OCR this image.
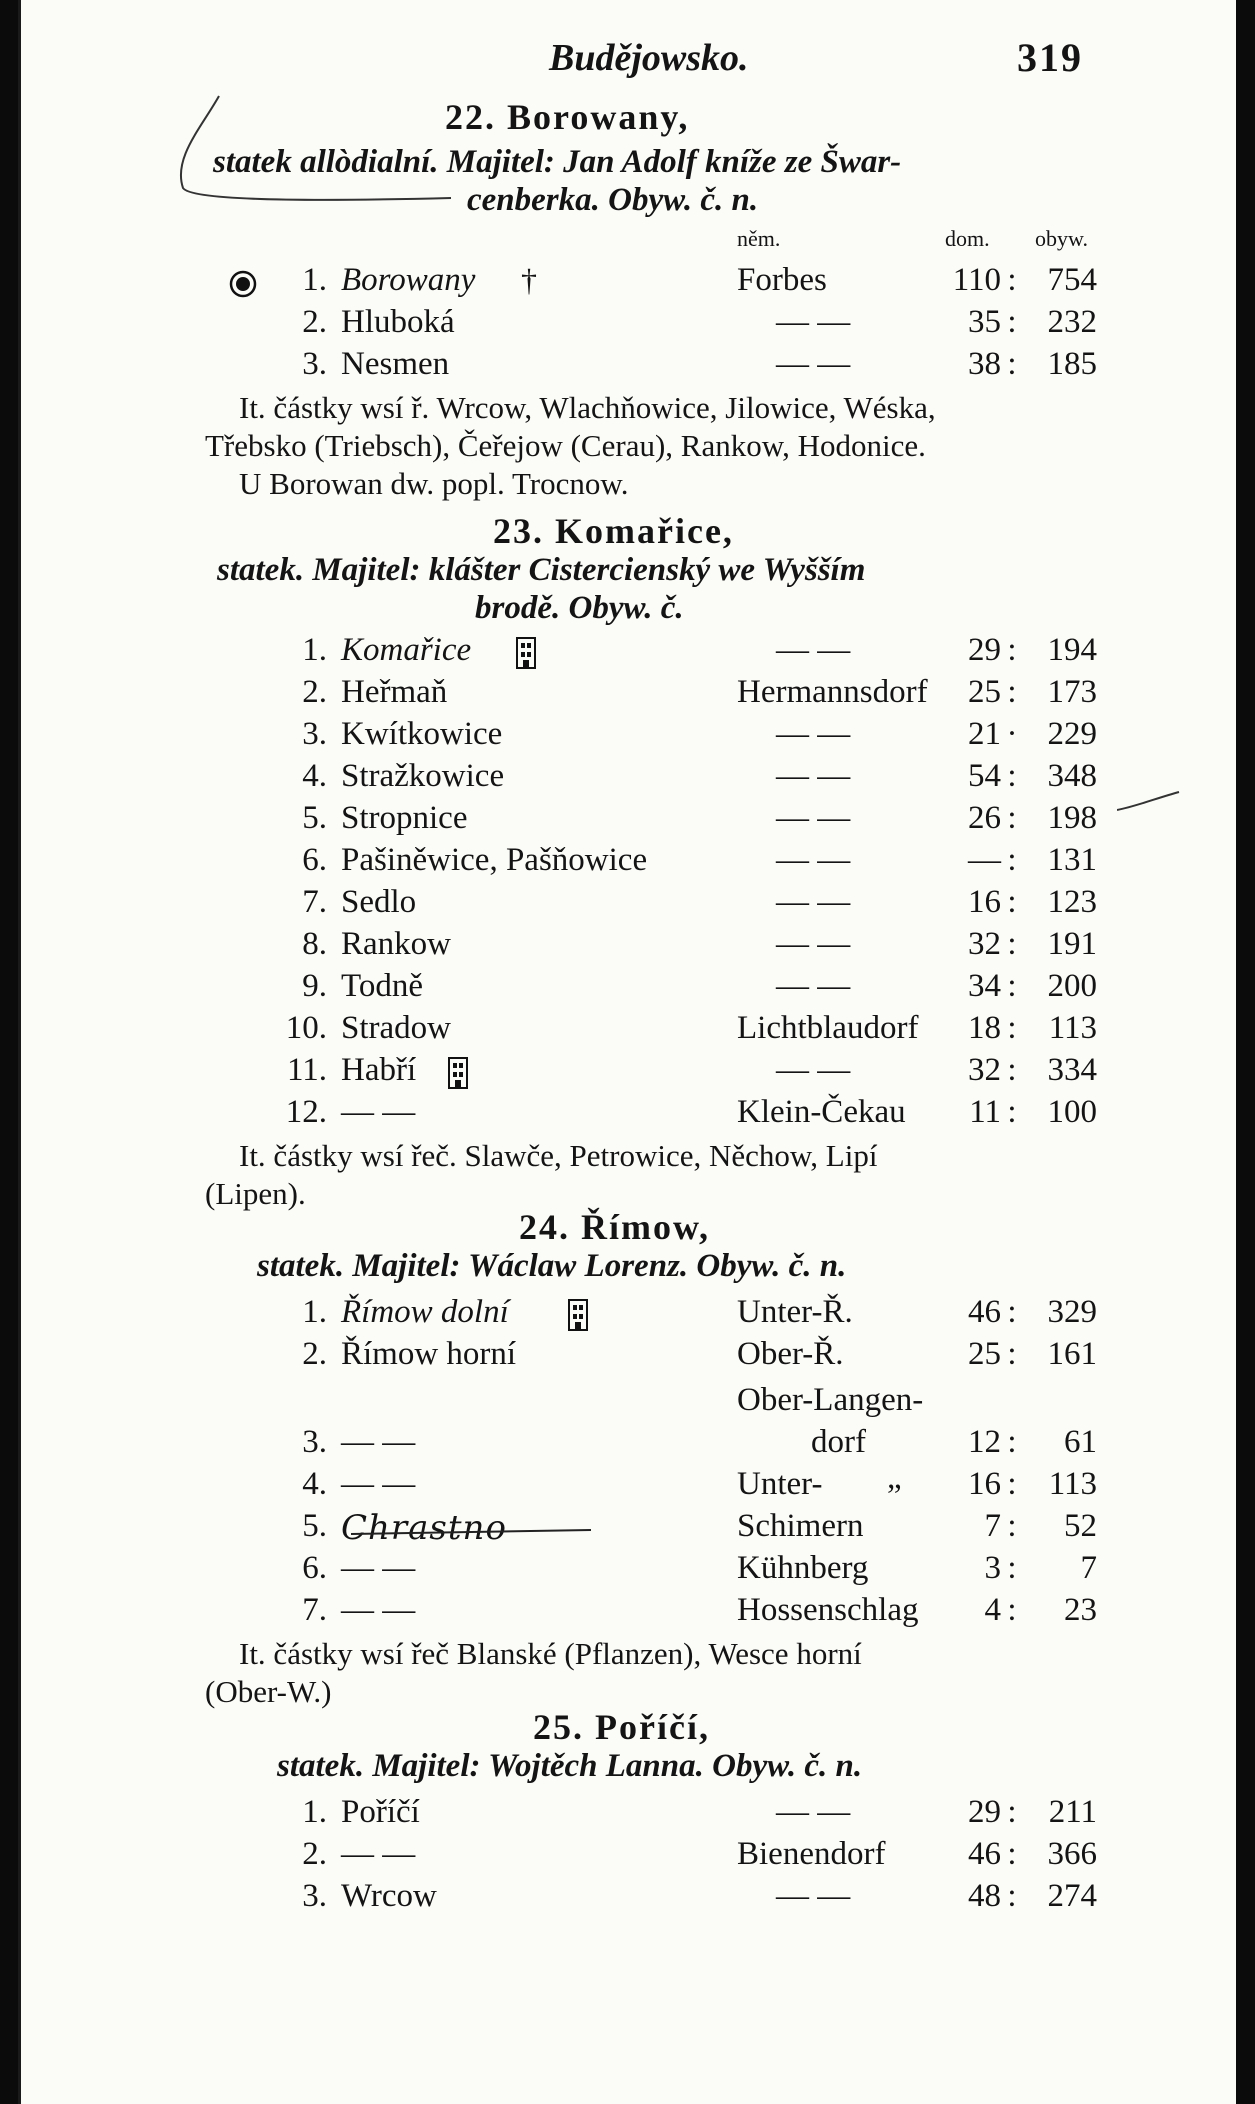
Budějowsko.	319
22. Borowany,
statek allòdialní. Majitel: Jan Adolf kníže ze Šwar-
cenberka. Obyw. č. n.
něm.	dom. obyw.
1. Borowany †	Forbes	110 : 754
2. Hluboká	— —	35 : 232
3. Nesmen	— —	38 : 185
It. částky wsí ř. Wrcow, Wlachňowice, Jilowice, Wéska,
Třebsko (Triebsch), Čeřejow (Cerau), Rankow, Hodonice.
U Borowan dw. popl. Trocnow.
23. Komařice,
statek. Majitel: klášter Cistercienský we Wyšším
brodě. Obyw. č.
1. Komařice	— —	29 : 194
2. Heřmaň	Hermannsdorf	25 : 173
3. Kwítkowice	— —	21 · 229
4. Stražkowice	— —	54 : 348
5. Stropnice	— —	26 : 198
6. Pašiněwice, Pašňowice	— —	— : 131
7. Sedlo	— —	16 : 123
8. Rankow	— —	32 : 191
9. Todně	— —	34 : 200
10. Stradow	Lichtblaudorf	18 : 113
11. Habří	— —	32 : 334
12. — —	Klein-Čekau	11 : 100
It. částky wsí řeč. Slawče, Petrowice, Něchow, Lipí
(Lipen).
24. Římow,
statek. Majitel: Wáclaw Lorenz. Obyw. č. n.
1. Římow dolní	Unter-Ř.	46 : 329
2. Římow horní	Ober-Ř.	25 : 161
Ober-Langen-
3. — —	dorf	12 :	61
4. — —	Unter- „	16 : 113
5. Chrastno	Schimern	7 :	52
6. — —	Kühnberg	3 :	7
7. — —	Hossenschlag	4 :	23
It. částky wsí řeč Blanské (Pflanzen), Wesce horní
(Ober-W.)
25. Poříčí,
statek. Majitel: Wojtěch Lanna. Obyw. č. n.
1. Poříčí	— —	29 : 211
2. — —	Bienendorf	46 : 366
3. Wrcow	— —	48 : 274
